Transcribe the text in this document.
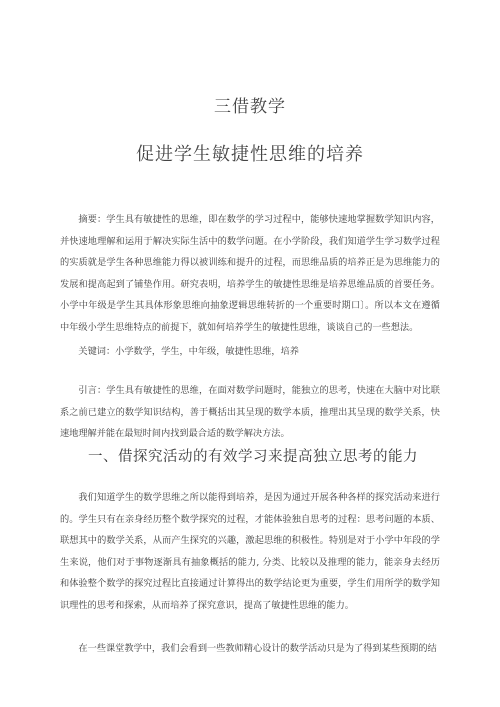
三借教学
促进学生敏捷性思维的培养

摘要：学生具有敏捷性的思维，即在数学的学习过程中，能够快速地掌握数学知识内容，并快速地理解和运用于解决实际生活中的数学问题。在小学阶段，我们知道学生学习数学过程的实质就是学生各种思维能力得以被训练和提升的过程，而思维品质的培养正是为思维能力的发展和提高起到了铺垫作用。研究表明，培养学生的敏捷性思维是培养思维品质的首要任务。小学中年级是学生其具体形象思维向抽象逻辑思维转折的一个重要时期口〕。所以本文在遵循中年级小学生思维特点的前提下，就如何培养学生的敏捷性思维，谈谈自己的一些想法。

关键词：小学数学，学生，中年级，敏捷性思维，培养

引言：学生具有敏捷性的思维，在面对数学问题时，能独立的思考，快速在大脑中对比联系之前已建立的数学知识结构，善于概括出其呈现的数学本质，推理出其呈现的数学关系，快速地理解并能在最短时间内找到最合适的数学解决方法。

一、借探究活动的有效学习来提高独立思考的能力

我们知道学生的数学思维之所以能得到培养，是因为通过开展各种各样的探究活动来进行的。学生只有在亲身经历整个数学探究的过程，才能体验独自思考的过程：思考问题的本质、联想其中的数学关系，从而产生探究的兴趣，激起思维的积极性。特别是对于小学中年段的学生来说，他们对于事物逐渐具有抽象概括的能力, 分类、比较以及推理的能力，能亲身去经历和体验整个数学的探究过程比直接通过计算得出的数学结论更为重要，学生们用所学的数学知识理性的思考和探索，从而培养了探究意识，提高了敏捷性思维的能力。

在一些课堂教学中，我们会看到一些教师精心设计的数学活动只是为了得到某些预期的结
